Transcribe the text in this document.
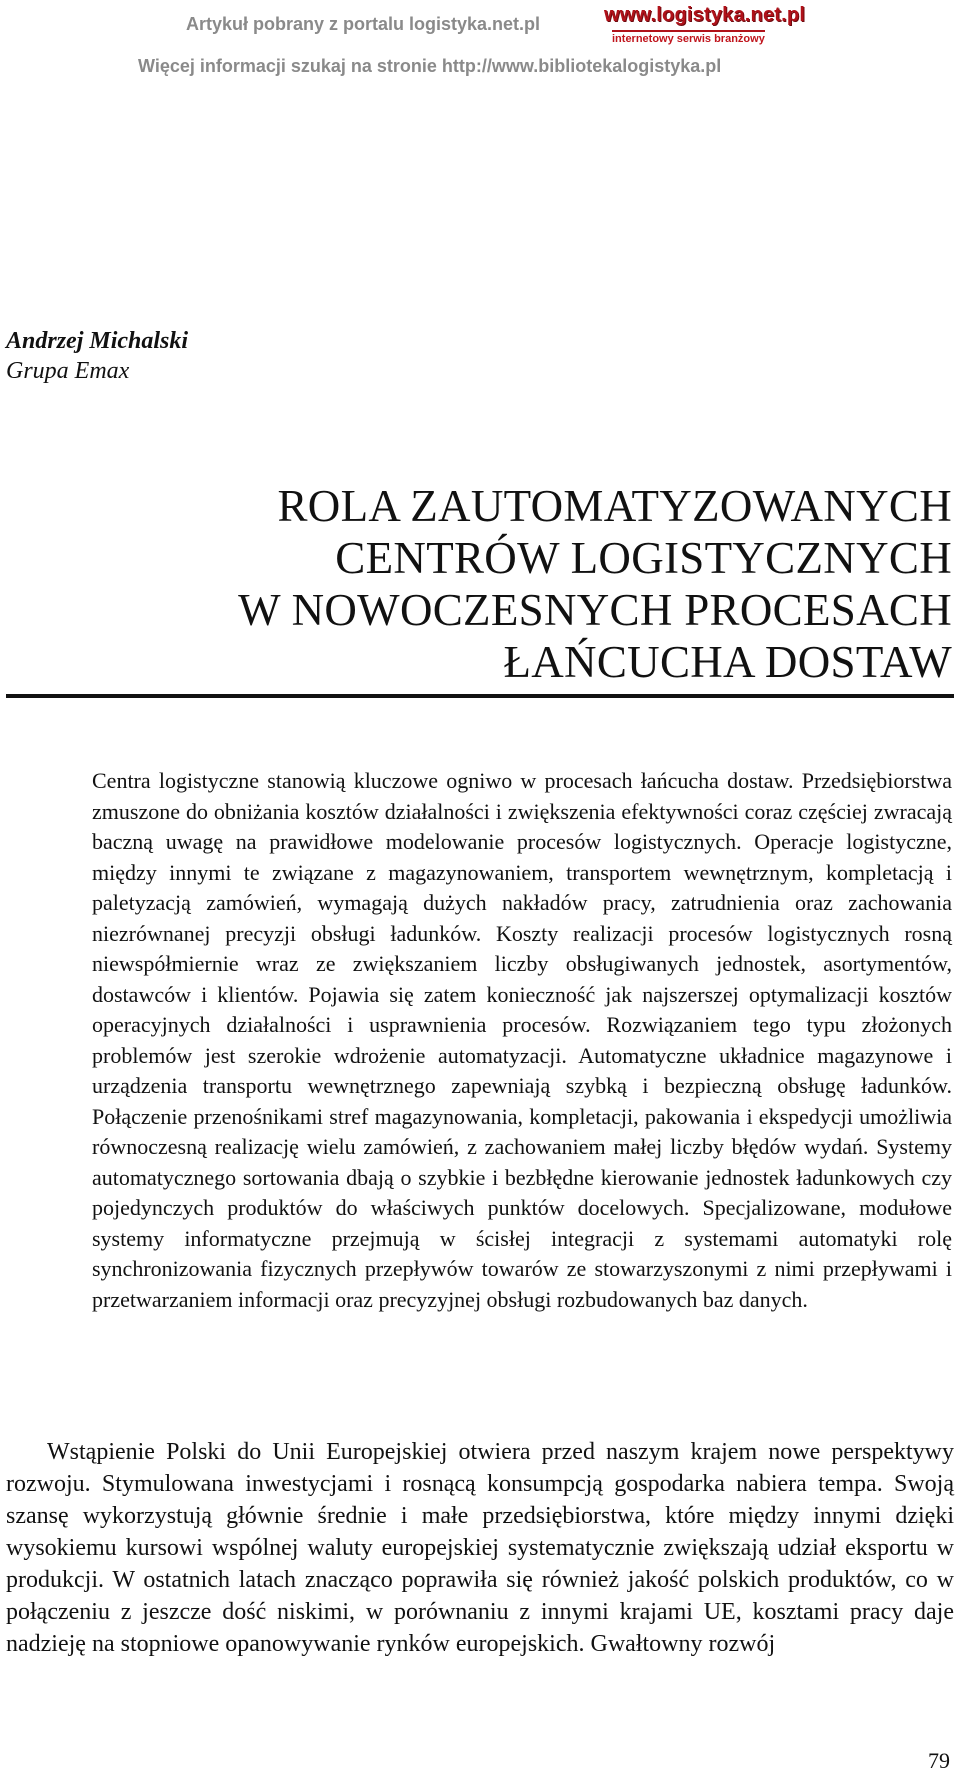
Artykuł pobrany z portalu logistyka.net.pl
Więcej informacji szukaj na stronie http://www.bibliotekalogistyka.pl
www.logistyka.net.pl
internetowy serwis branżowy
Andrzej Michalski
Grupa Emax
ROLA ZAUTOMATYZOWANYCH
CENTRÓW LOGISTYCZNYCH
W NOWOCZESNYCH PROCESACH
ŁAŃCUCHA DOSTAW
Centra logistyczne stanowią kluczowe ogniwo w procesach łańcucha dostaw. Przedsiębiorstwa zmuszone do obniżania kosztów działalności i zwiększenia efektywności coraz częściej zwracają baczną uwagę na prawidłowe modelowanie procesów logistycznych. Operacje logistyczne, między innymi te związane z magazynowaniem, transportem wewnętrznym, kompletacją i paletyzacją zamówień, wymagają dużych nakładów pracy, zatrudnienia oraz zachowania niezrównanej precyzji obsługi ładunków. Koszty realizacji procesów logistycznych rosną niewspółmiernie wraz ze zwiększaniem liczby obsługiwanych jednostek, asortymentów, dostawców i klientów. Pojawia się zatem konieczność jak najszerszej optymalizacji kosztów operacyjnych działalności i usprawnienia procesów. Rozwiązaniem tego typu złożonych problemów jest szerokie wdrożenie automatyzacji. Automatyczne układnice magazynowe i urządzenia transportu wewnętrznego zapewniają szybką i bezpieczną obsługę ładunków. Połączenie przenośnikami stref magazynowania, kompletacji, pakowania i ekspedycji umożliwia równoczesną realizację wielu zamówień, z zachowaniem małej liczby błędów wydań. Systemy automatycznego sortowania dbają o szybkie i bezbłędne kierowanie jednostek ładunkowych czy pojedynczych produktów do właściwych punktów docelowych. Specjalizowane, modułowe systemy informatyczne przejmują w ścisłej integracji z systemami automatyki rolę synchronizowania fizycznych przepływów towarów ze stowarzyszonymi z nimi przepływami i przetwarzaniem informacji oraz precyzyjnej obsługi rozbudowanych baz danych.
Wstąpienie Polski do Unii Europejskiej otwiera przed naszym krajem nowe perspektywy rozwoju. Stymulowana inwestycjami i rosnącą konsumpcją gospodarka nabiera tempa. Swoją szansę wykorzystują głównie średnie i małe przedsiębiorstwa, które między innymi dzięki wysokiemu kursowi wspólnej waluty europejskiej systematycznie zwiększają udział eksportu w produkcji. W ostatnich latach znacząco poprawiła się również jakość polskich produktów, co w połączeniu z jeszcze dość niskimi, w porównaniu z innymi krajami UE, kosztami pracy daje nadzieję na stopniowe opanowywanie rynków europejskich. Gwałtowny rozwój
79
